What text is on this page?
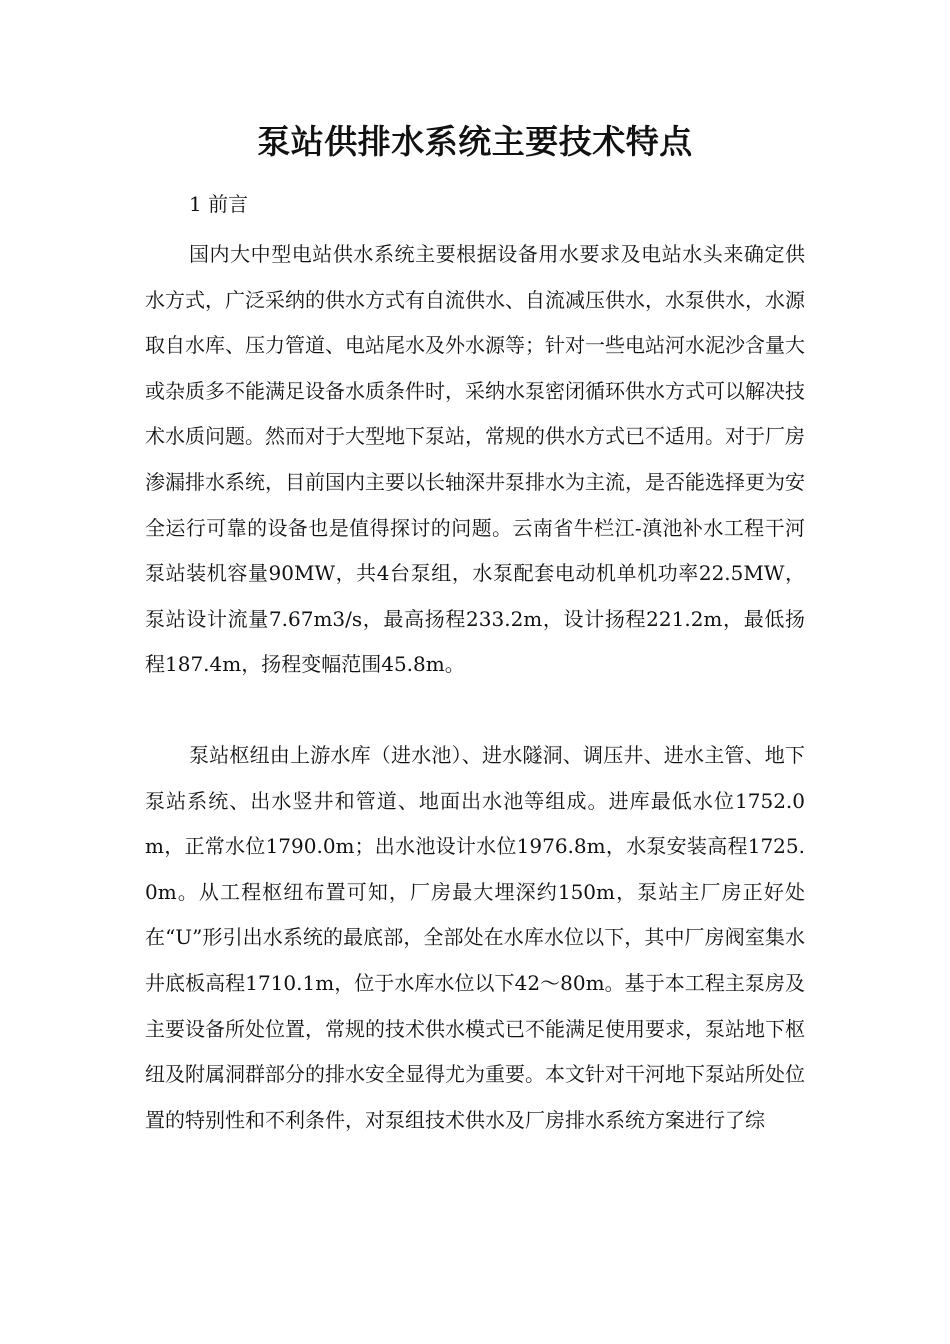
泵站供排水系统主要技术特点

1 前言

国内大中型电站供水系统主要根据设备用水要求及电站水头来确定供水方式，广泛采纳的供水方式有自流供水、自流减压供水，水泵供水，水源取自水库、压力管道、电站尾水及外水源等；针对一些电站河水泥沙含量大或杂质多不能满足设备水质条件时，采纳水泵密闭循环供水方式可以解决技术水质问题。然而对于大型地下泵站，常规的供水方式已不适用。对于厂房渗漏排水系统，目前国内主要以长轴深井泵排水为主流，是否能选择更为安全运行可靠的设备也是值得探讨的问题。云南省牛栏江-滇池补水工程干河泵站装机容量90MW，共4台泵组，水泵配套电动机单机功率22.5MW，泵站设计流量7.67m3/s，最高扬程233.2m，设计扬程221.2m，最低扬程187.4m，扬程变幅范围45.8m。

泵站枢纽由上游水库（进水池）、进水隧洞、调压井、进水主管、地下泵站系统、出水竖井和管道、地面出水池等组成。进库最低水位1752.0m，正常水位1790.0m；出水池设计水位1976.8m，水泵安装高程1725.0m。从工程枢纽布置可知，厂房最大埋深约150m，泵站主厂房正好处在“U”形引出水系统的最底部，全部处在水库水位以下，其中厂房阀室集水井底板高程1710.1m，位于水库水位以下42～80m。基于本工程主泵房及主要设备所处位置，常规的技术供水模式已不能满足使用要求，泵站地下枢纽及附属洞群部分的排水安全显得尤为重要。本文针对干河地下泵站所处位置的特别性和不利条件，对泵组技术供水及厂房排水系统方案进行了综
